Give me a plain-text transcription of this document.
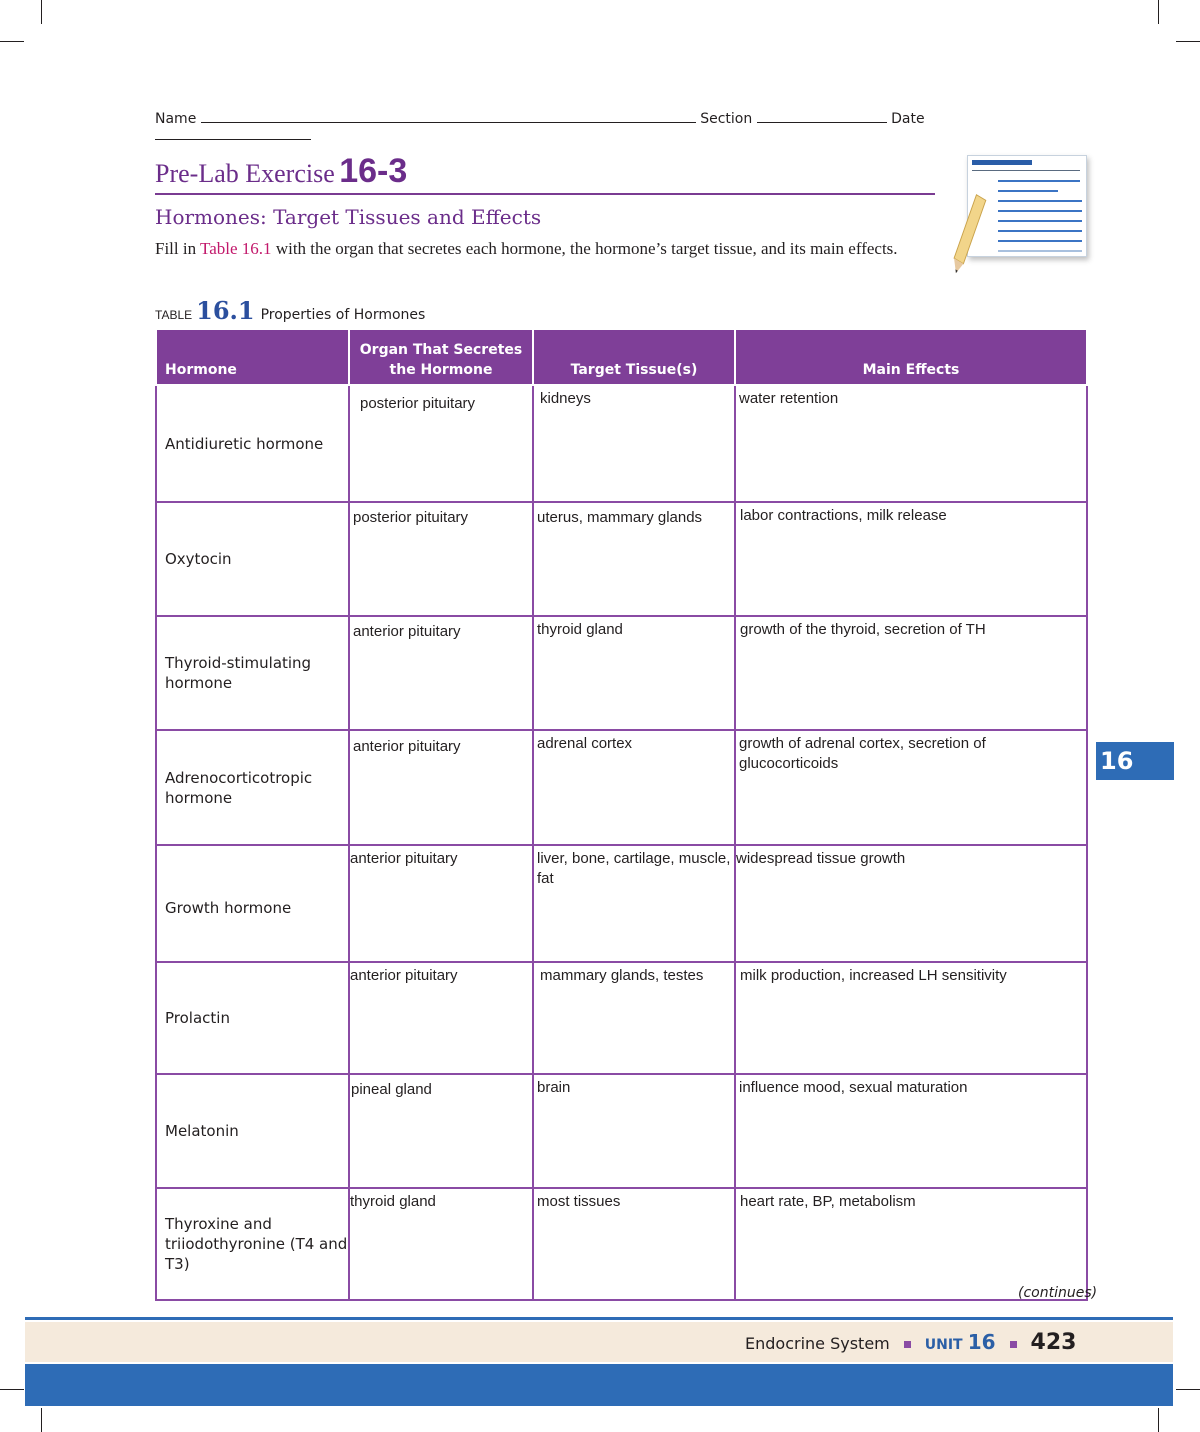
Name	Section	Date
Pre-Lab Exercise 16-3
Hormones: Target Tissues and Effects
Fill in Table 16.1 with the organ that secretes each hormone, the hormone’s target tissue, and its main effects.
TABLE 16.1 Properties of Hormones
Hormone	Organ That Secretes the Hormone	Target Tissue(s)	Main Effects
Antidiuretic hormone	posterior pituitary	kidneys	water retention
Oxytocin	posterior pituitary	uterus, mammary glands	labor contractions, milk release
Thyroid-stimulating hormone	anterior pituitary	thyroid gland	growth of the thyroid, secretion of TH
Adrenocorticotropic hormone	anterior pituitary	adrenal cortex	growth of adrenal cortex, secretion of glucocorticoids
Growth hormone	anterior pituitary	liver, bone, cartilage, muscle, fat	widespread tissue growth
Prolactin	anterior pituitary	mammary glands, testes	milk production, increased LH sensitivity
Melatonin	pineal gland	brain	influence mood, sexual maturation
Thyroxine and triiodothyronine (T4 and T3)	thyroid gland	most tissues	heart rate, BP, metabolism
(continues)
16
Endocrine System	UNIT 16 423
